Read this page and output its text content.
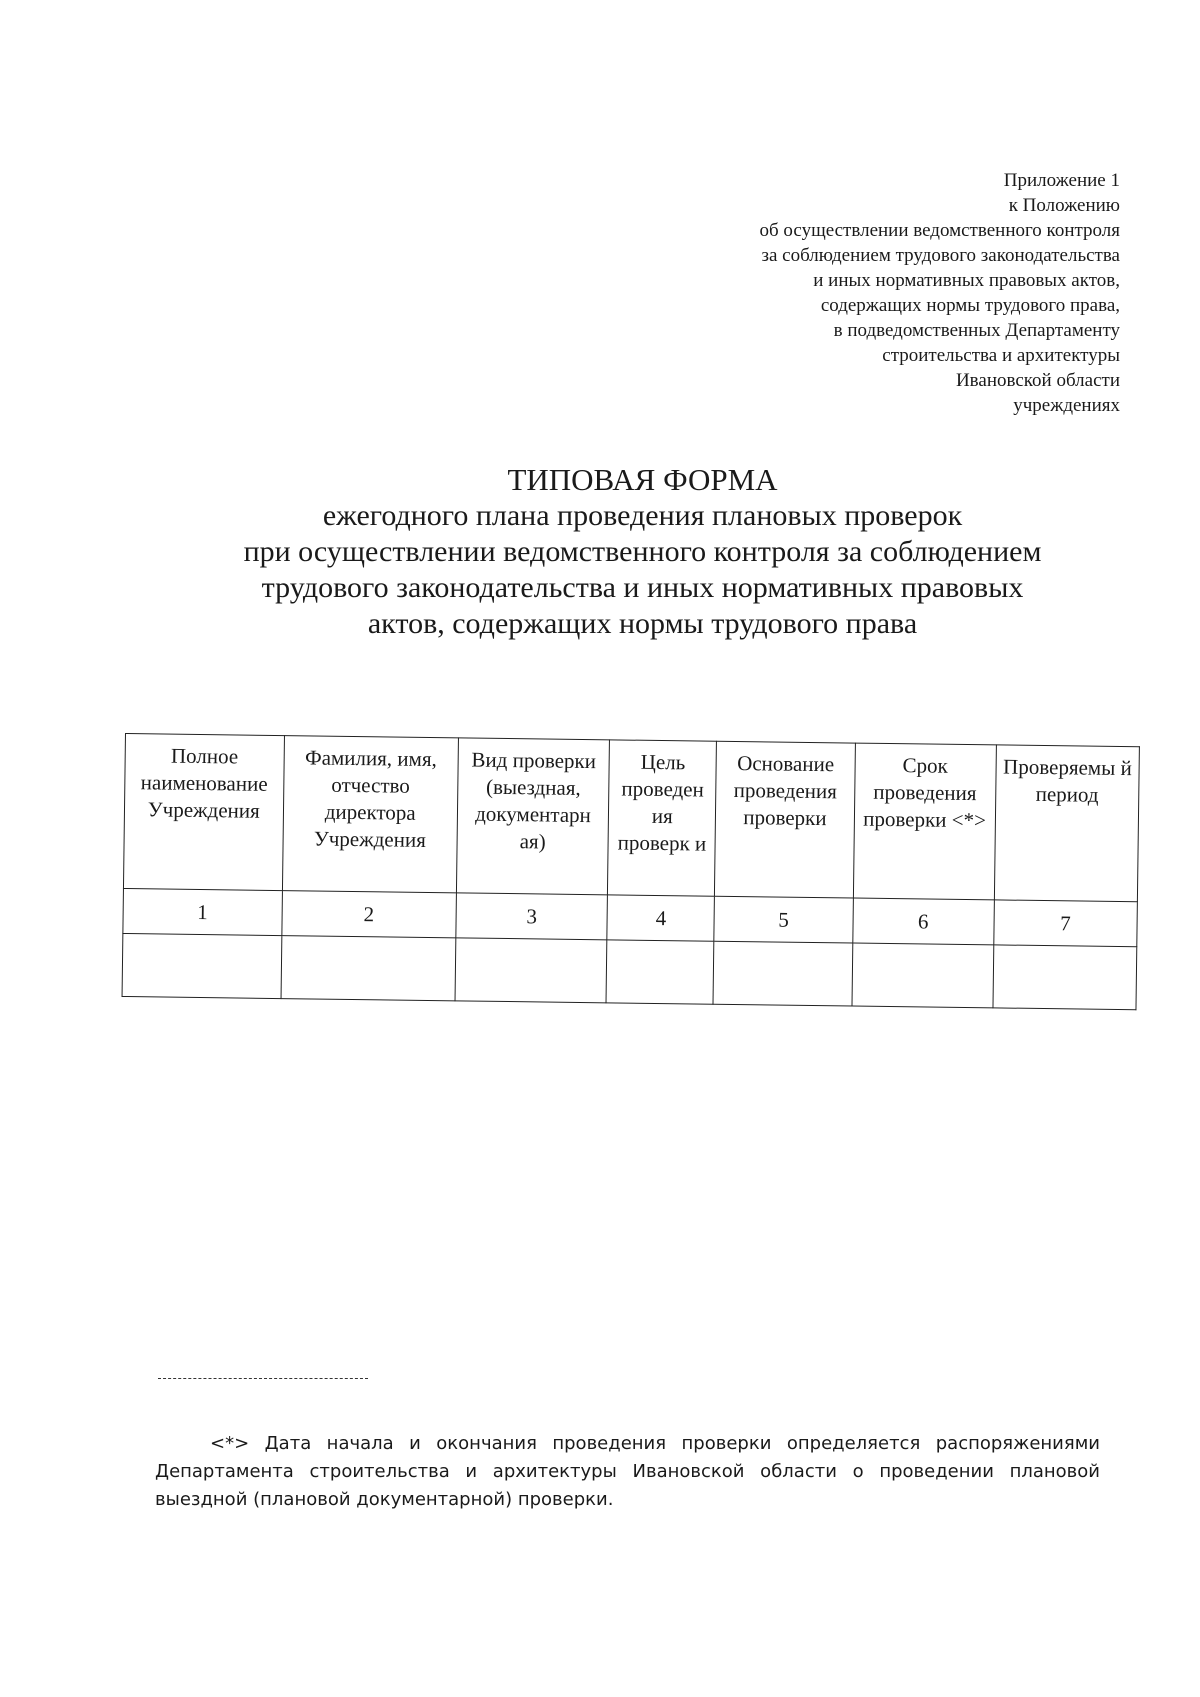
Приложение 1
к Положению
об осуществлении ведомственного контроля
за соблюдением трудового законодательства
и иных нормативных правовых актов,
содержащих нормы трудового права,
в подведомственных Департаменту
строительства и архитектуры
Ивановской области
учреждениях
ТИПОВАЯ ФОРМА
ежегодного плана проведения плановых проверок
при осуществлении ведомственного контроля за соблюдением
трудового законодательства и иных нормативных правовых
актов, содержащих нормы трудового права
Полное наименование Учреждения	Фамилия, имя, отчество директора Учреждения	Вид проверки (выездная, документарн ая)	Цель проведен ия проверк и	Основание проведения проверки	Срок проведения проверки <*>	Проверяемы й период
1	2	3	4	5	6	7

<*> Дата начала и окончания проведения проверки определяется распоряжениями Департамента строительства и архитектуры Ивановской области о проведении плановой выездной (плановой документарной) проверки.
